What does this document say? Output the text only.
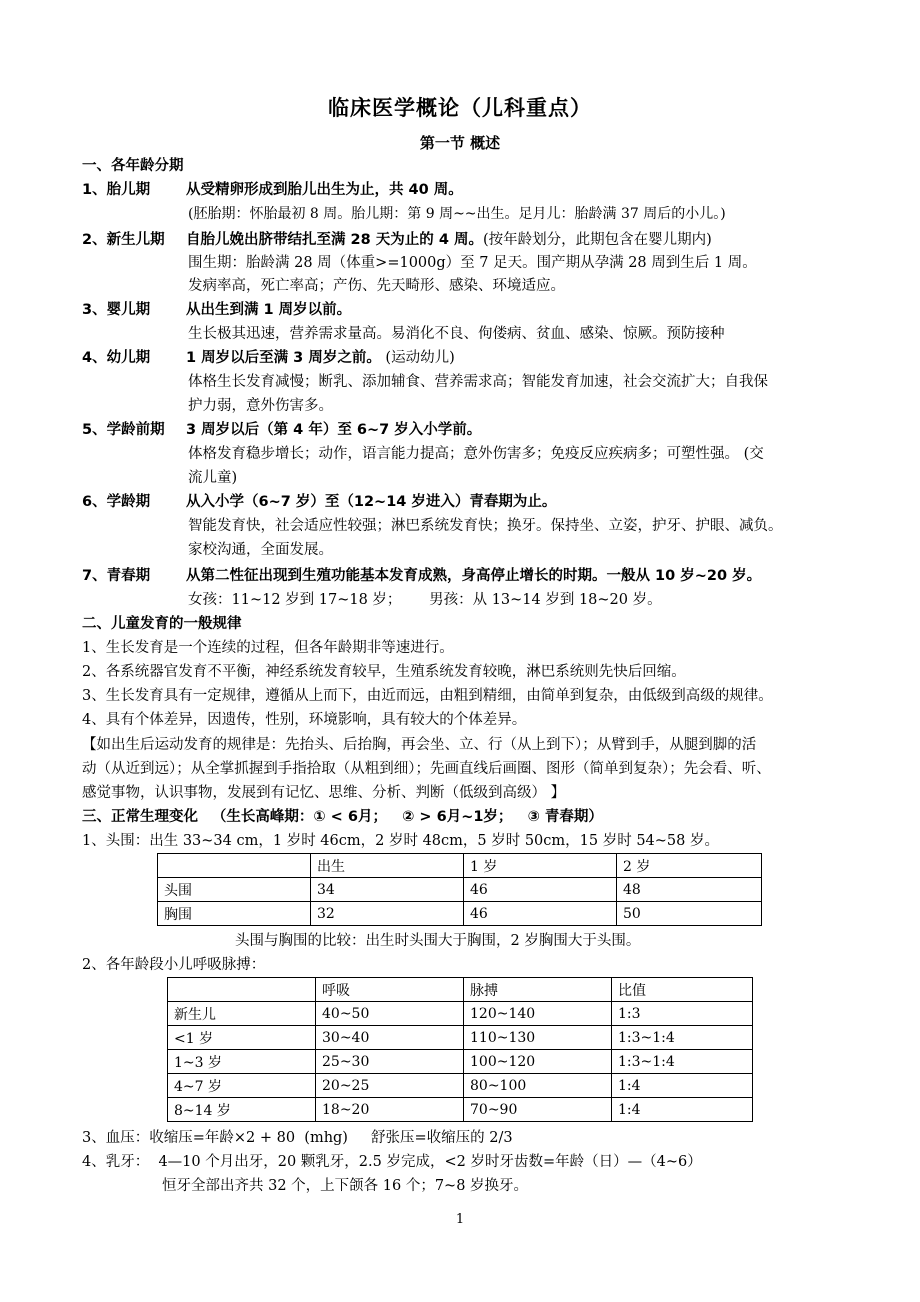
临床医学概论（儿科重点）
第一节 概述
一、各年龄分期
1、胎儿期 从受精卵形成到胎儿出生为止，共 40 周。
(胚胎期：怀胎最初 8 周。胎儿期：第 9 周~~出生。足月儿：胎龄满 37 周后的小儿。)
2、新生儿期 自胎儿娩出脐带结扎至满 28 天为止的 4 周。(按年龄划分，此期包含在婴儿期内)
围生期：胎龄满 28 周（体重>=1000g）至 7 足天。围产期从孕满 28 周到生后 1 周。
发病率高，死亡率高；产伤、先天畸形、感染、环境适应。
3、婴儿期 从出生到满 1 周岁以前。
生长极其迅速，营养需求量高。易消化不良、佝偻病、贫血、感染、惊厥。预防接种
4、幼儿期 1 周岁以后至满 3 周岁之前。 (运动幼儿)
体格生长发育减慢；断乳、添加辅食、营养需求高；智能发育加速，社会交流扩大；自我保
护力弱，意外伤害多。
5、学龄前期 3 周岁以后（第 4 年）至 6~7 岁入小学前。
体格发育稳步增长；动作，语言能力提高；意外伤害多；免疫反应疾病多；可塑性强。 (交
流儿童)
6、学龄期 从入小学（6~7 岁）至（12~14 岁进入）青春期为止。
智能发育快，社会适应性较强；淋巴系统发育快；换牙。保持坐、立姿，护牙、护眼、减负。
家校沟通，全面发展。
7、青春期 从第二性征出现到生殖功能基本发育成熟，身高停止增长的时期。一般从 10 岁~20 岁。
女孩：11~12 岁到 17~18 岁；      男孩：从 13~14 岁到 18~20 岁。
二、儿童发育的一般规律
1、生长发育是一个连续的过程，但各年龄期非等速进行。
2、各系统器官发育不平衡，神经系统发育较早，生殖系统发育较晚，淋巴系统则先快后回缩。
3、生长发育具有一定规律，遵循从上而下，由近而远，由粗到精细，由简单到复杂，由低级到高级的规律。
4、具有个体差异，因遗传，性别，环境影响，具有较大的个体差异。
【如出生后运动发育的规律是：先抬头、后抬胸，再会坐、立、行（从上到下）；从臂到手，从腿到脚的活
动（从近到远）；从全掌抓握到手指拾取（从粗到细）；先画直线后画圈、图形（简单到复杂）；先会看、听、
感觉事物，认识事物，发展到有记忆、思维、分析、判断（低级到高级） 】
三、正常生理变化 （生长高峰期：① < 6月；   ② > 6月~1岁；   ③ 青春期）
1、头围：出生 33~34 cm，1 岁时 46cm，2 岁时 48cm，5 岁时 50cm，15 岁时 54~58 岁。
	出生	1 岁	2 岁
头围	34	46	48
胸围	32	46	50
头围与胸围的比较：出生时头围大于胸围，2 岁胸围大于头围。
2、各年龄段小儿呼吸脉搏：
	呼吸	脉搏	比值
新生儿	40~50	120~140	1:3
<1 岁	30~40	110~130	1:3~1:4
1~3 岁	25~30	100~120	1:3~1:4
4~7 岁	20~25	80~100	1:4
8~14 岁	18~20	70~90	1:4
3、血压：收缩压=年龄×2 + 80  (mhg)     舒张压=收缩压的 2/3
4、乳牙：  4—10 个月出牙，20 颗乳牙，2.5 岁完成，<2 岁时牙齿数=年龄（日）—（4~6）
恒牙全部出齐共 32 个，上下颌各 16 个；7~8 岁换牙。
1
